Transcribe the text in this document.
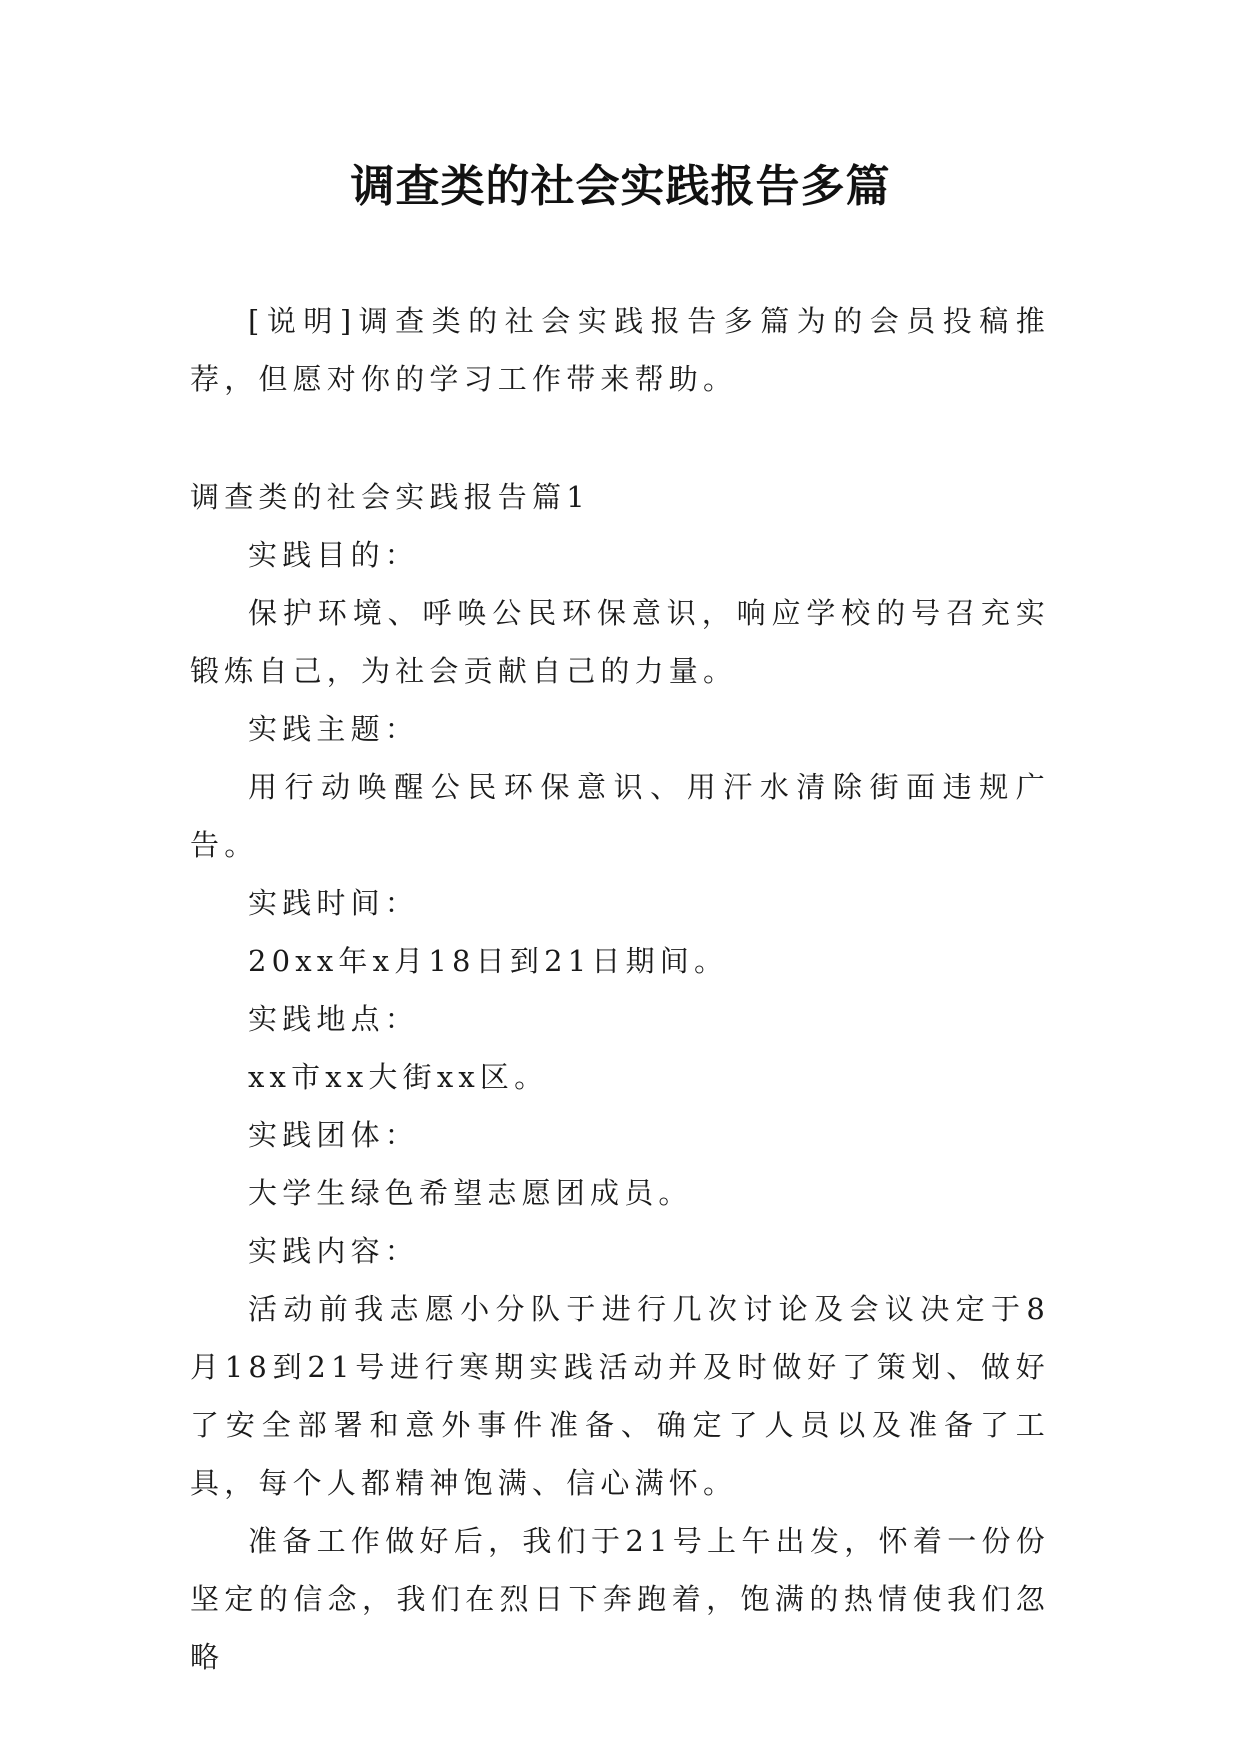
调查类的社会实践报告多篇

[说明]调查类的社会实践报告多篇为的会员投稿推荐，但愿对你的学习工作带来帮助。

调查类的社会实践报告篇1

实践目的：

保护环境、呼唤公民环保意识，响应学校的号召充实锻炼自己，为社会贡献自己的力量。

实践主题：

用行动唤醒公民环保意识、用汗水清除街面违规广告。

实践时间：

20xx年x月18日到21日期间。

实践地点：

xx市xx大街xx区。

实践团体：

大学生绿色希望志愿团成员。

实践内容：

活动前我志愿小分队于进行几次讨论及会议决定于8月18到21号进行寒期实践活动并及时做好了策划、做好了安全部署和意外事件准备、确定了人员以及准备了工具，每个人都精神饱满、信心满怀。

准备工作做好后，我们于21号上午出发，怀着一份份坚定的信念，我们在烈日下奔跑着，饱满的热情使我们忽略
